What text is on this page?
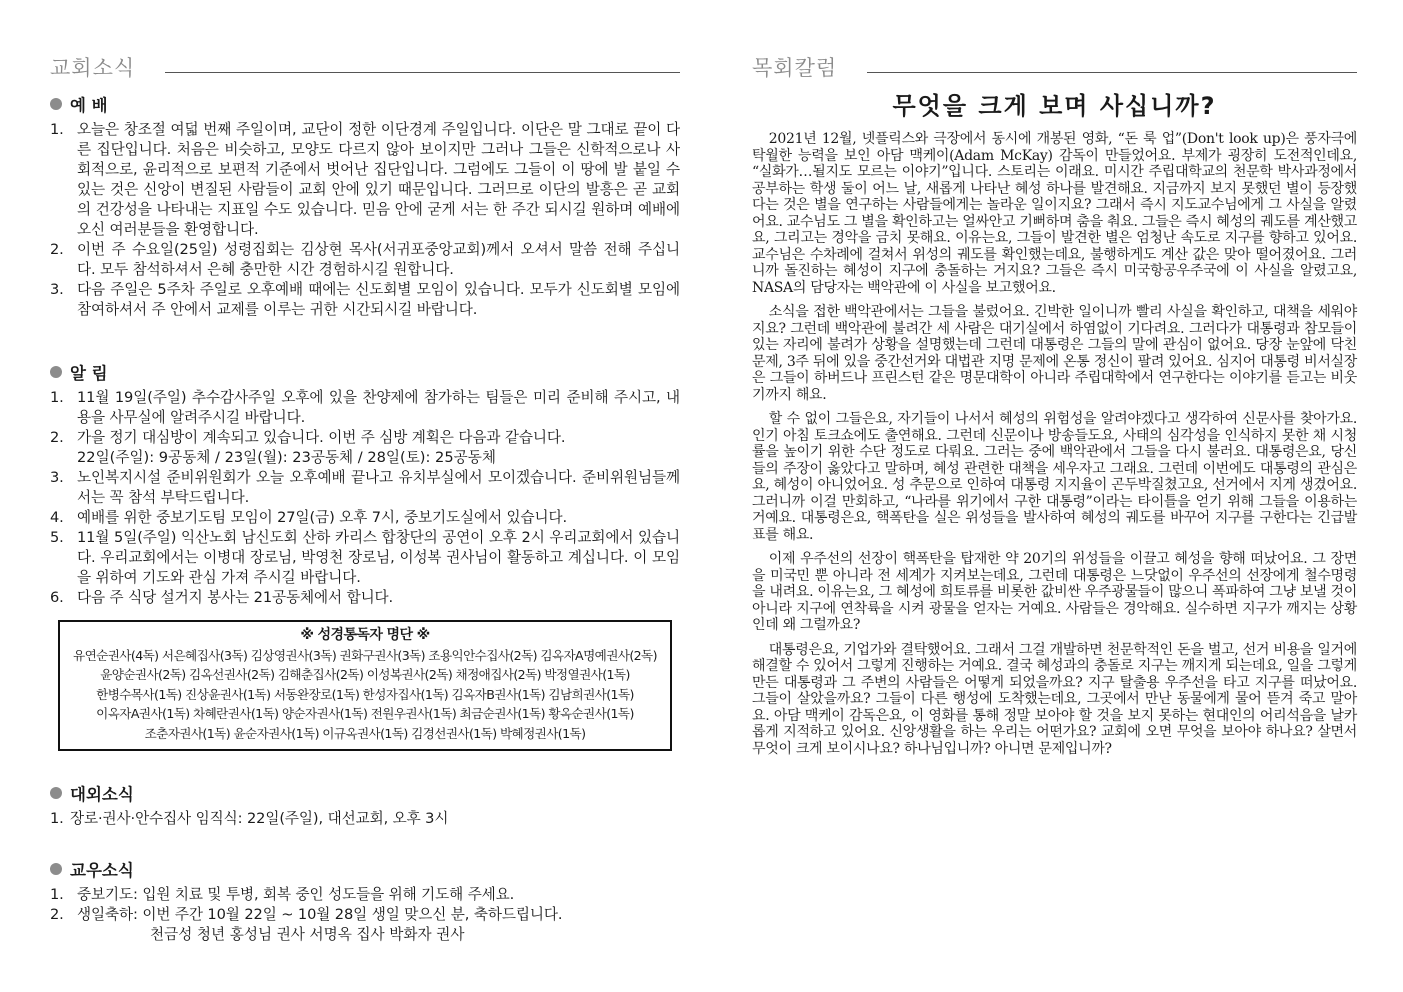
교회소식
예 배
1. 오늘은 창조절 여덟 번째 주일이며, 교단이 정한 이단경계 주일입니다. 이단은 말 그대로 끝이 다른 집단입니다. 처음은 비슷하고, 모양도 다르지 않아 보이지만 그러나 그들은 신학적으로나 사회적으로, 윤리적으로 보편적 기준에서 벗어난 집단입니다. 그럼에도 그들이 이 땅에 발 붙일 수 있는 것은 신앙이 변질된 사람들이 교회 안에 있기 때문입니다. 그러므로 이단의 발흥은 곧 교회의 건강성을 나타내는 지표일 수도 있습니다. 믿음 안에 굳게 서는 한 주간 되시길 원하며 예배에 오신 여러분들을 환영합니다.
2. 이번 주 수요일(25일) 성령집회는 김상현 목사(서귀포중앙교회)께서 오셔서 말씀 전해 주십니다. 모두 참석하셔서 은혜 충만한 시간 경험하시길 원합니다.
3. 다음 주일은 5주차 주일로 오후예배 때에는 신도회별 모임이 있습니다. 모두가 신도회별 모임에 참여하셔서 주 안에서 교제를 이루는 귀한 시간되시길 바랍니다.
알 림
1. 11월 19일(주일) 추수감사주일 오후에 있을 찬양제에 참가하는 팀들은 미리 준비해 주시고, 내용을 사무실에 알려주시길 바랍니다.
2. 가을 정기 대심방이 계속되고 있습니다. 이번 주 심방 계획은 다음과 같습니다.
22일(주일): 9공동체 / 23일(월): 23공동체 / 28일(토): 25공동체
3. 노인복지시설 준비위원회가 오늘 오후예배 끝나고 유치부실에서 모이겠습니다. 준비위원님들께서는 꼭 참석 부탁드립니다.
4. 예배를 위한 중보기도팀 모임이 27일(금) 오후 7시, 중보기도실에서 있습니다.
5. 11월 5일(주일) 익산노회 남신도회 산하 카리스 합창단의 공연이 오후 2시 우리교회에서 있습니다. 우리교회에서는 이병대 장로님, 박영천 장로님, 이성복 권사님이 활동하고 계십니다. 이 모임을 위하여 기도와 관심 가져 주시길 바랍니다.
6. 다음 주 식당 설거지 봉사는 21공동체에서 합니다.
※ 성경통독자 명단 ※
유연순권사(4독) 서은혜집사(3독) 김상영권사(3독) 권화구권사(3독) 조용익안수집사(2독) 김옥자A명예권사(2독)
윤양순권사(2독) 김옥선권사(2독) 김해춘집사(2독) 이성복권사(2독) 채정애집사(2독) 박정열권사(1독)
한병수목사(1독) 진상윤권사(1독) 서동완장로(1독) 한성자집사(1독) 김옥자B권사(1독) 김남희권사(1독)
이옥자A권사(1독) 차혜란권사(1독) 양순자권사(1독) 전원우권사(1독) 최금순권사(1독) 황옥순권사(1독)
조춘자권사(1독) 윤순자권사(1독) 이규옥권사(1독) 김경선권사(1독) 박혜정권사(1독)
대외소식
1. 장로·권사·안수집사 임직식: 22일(주일), 대선교회, 오후 3시
교우소식
1. 중보기도: 입원 치료 및 투병, 회복 중인 성도들을 위해 기도해 주세요.
2. 생일축하: 이번 주간 10월 22일 ~ 10월 28일 생일 맞으신 분, 축하드립니다.
천금성 청년 홍성님 권사 서명옥 집사 박화자 권사
목회칼럼
무엇을 크게 보며 사십니까?

2021년 12월, 넷플릭스와 극장에서 동시에 개봉된 영화, “돈 룩 업”(Don't look up)은 풍자극에 탁월한 능력을 보인 아담 맥케이(Adam McKay) 감독이 만들었어요. 부제가 굉장히 도전적인데요, “실화가…될지도 모르는 이야기”입니다. 스토리는 이래요. 미시간 주립대학교의 천문학 박사과정에서 공부하는 학생 둘이 어느 날, 새롭게 나타난 혜성 하나를 발견해요. 지금까지 보지 못했던 별이 등장했다는 것은 별을 연구하는 사람들에게는 놀라운 일이지요? 그래서 즉시 지도교수님에게 그 사실을 알렸어요. 교수님도 그 별을 확인하고는 얼싸안고 기뻐하며 춤을 춰요. 그들은 즉시 혜성의 궤도를 계산했고요, 그리고는 경악을 금치 못해요. 이유는요, 그들이 발견한 별은 엄청난 속도로 지구를 향하고 있어요. 교수님은 수차례에 걸쳐서 위성의 궤도를 확인했는데요, 불행하게도 계산 값은 맞아 떨어졌어요. 그러니까 돌진하는 혜성이 지구에 충돌하는 거지요? 그들은 즉시 미국항공우주국에 이 사실을 알렸고요, NASA의 담당자는 백악관에 이 사실을 보고했어요.

소식을 접한 백악관에서는 그들을 불렀어요. 긴박한 일이니까 빨리 사실을 확인하고, 대책을 세워야지요? 그런데 백악관에 불려간 세 사람은 대기실에서 하염없이 기다려요. 그러다가 대통령과 참모들이 있는 자리에 불려가 상황을 설명했는데 그런데 대통령은 그들의 말에 관심이 없어요. 당장 눈앞에 닥친 문제, 3주 뒤에 있을 중간선거와 대법관 지명 문제에 온통 정신이 팔려 있어요. 심지어 대통령 비서실장은 그들이 하버드나 프린스턴 같은 명문대학이 아니라 주립대학에서 연구한다는 이야기를 듣고는 비웃기까지 해요.

할 수 없이 그들은요, 자기들이 나서서 혜성의 위험성을 알려야겠다고 생각하여 신문사를 찾아가요. 인기 아침 토크쇼에도 출연해요. 그런데 신문이나 방송들도요, 사태의 심각성을 인식하지 못한 채 시청률을 높이기 위한 수단 정도로 다뤄요. 그러는 중에 백악관에서 그들을 다시 불러요. 대통령은요, 당신들의 주장이 옳았다고 말하며, 혜성 관련한 대책을 세우자고 그래요. 그런데 이번에도 대통령의 관심은요, 혜성이 아니었어요. 성 추문으로 인하여 대통령 지지율이 곤두박질쳤고요, 선거에서 지게 생겼어요. 그러니까 이걸 만회하고, “나라를 위기에서 구한 대통령”이라는 타이틀을 얻기 위해 그들을 이용하는 거예요. 대통령은요, 핵폭탄을 실은 위성들을 발사하여 혜성의 궤도를 바꾸어 지구를 구한다는 긴급발표를 해요.

이제 우주선의 선장이 핵폭탄을 탑재한 약 20기의 위성들을 이끌고 혜성을 향해 떠났어요. 그 장면을 미국민 뿐 아니라 전 세계가 지켜보는데요, 그런데 대통령은 느닷없이 우주선의 선장에게 철수명령을 내려요. 이유는요, 그 혜성에 희토류를 비롯한 값비싼 우주광물들이 많으니 폭파하여 그냥 보낼 것이 아니라 지구에 연착륙을 시켜 광물을 얻자는 거예요. 사람들은 경악해요. 실수하면 지구가 깨지는 상황인데 왜 그럴까요?

대통령은요, 기업가와 결탁했어요. 그래서 그걸 개발하면 천문학적인 돈을 벌고, 선거 비용을 일거에 해결할 수 있어서 그렇게 진행하는 거예요. 결국 혜성과의 충돌로 지구는 깨지게 되는데요, 일을 그렇게 만든 대통령과 그 주변의 사람들은 어떻게 되었을까요? 지구 탈출용 우주선을 타고 지구를 떠났어요. 그들이 살았을까요? 그들이 다른 행성에 도착했는데요, 그곳에서 만난 동물에게 물어 뜯겨 죽고 말아요. 아담 맥케이 감독은요, 이 영화를 통해 정말 보아야 할 것을 보지 못하는 현대인의 어리석음을 날카롭게 지적하고 있어요. 신앙생활을 하는 우리는 어떤가요? 교회에 오면 무엇을 보아야 하나요? 살면서 무엇이 크게 보이시나요? 하나님입니까? 아니면 문제입니까?
